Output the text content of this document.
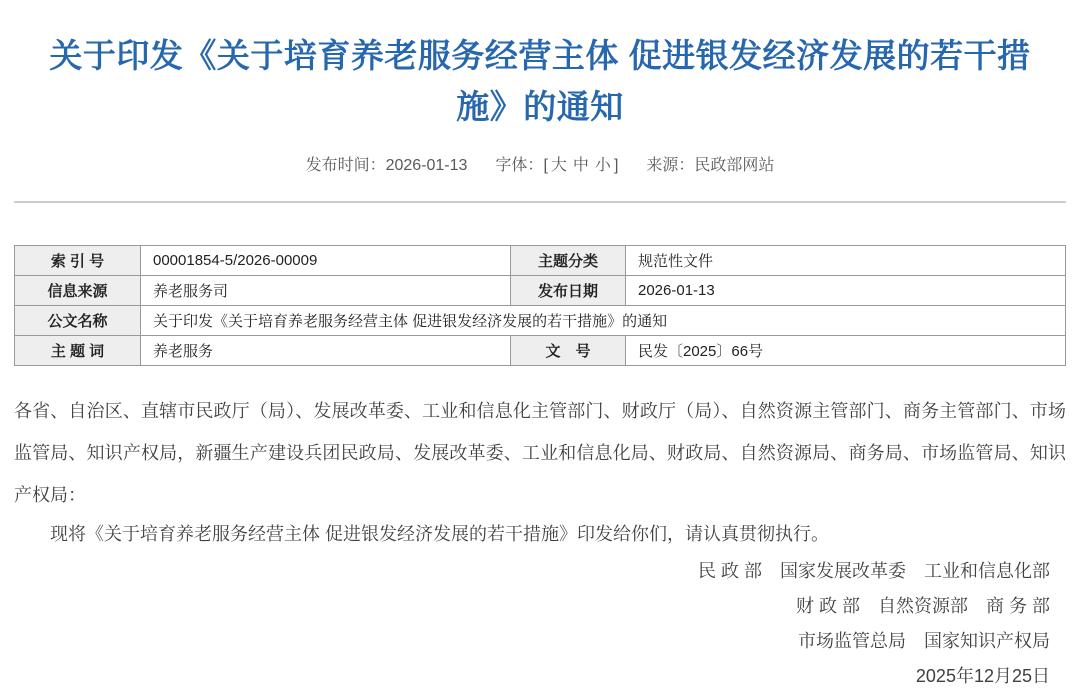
关于印发《关于培育养老服务经营主体 促进银发经济发展的若干措施》的通知
发布时间：2026-01-13 字体：[ 大 中 小 ] 来源：民政部网站
索 引 号	00001854-5/2026-00009	主题分类	规范性文件
信息来源	养老服务司	发布日期	2026-01-13
公文名称	关于印发《关于培育养老服务经营主体 促进银发经济发展的若干措施》的通知		
主 题 词	养老服务	文　号	民发〔2025〕66号

各省、自治区、直辖市民政厅（局）、发展改革委、工业和信息化主管部门、财政厅（局）、自然资源主管部门、商务主管部门、市场监管局、知识产权局，新疆生产建设兵团民政局、发展改革委、工业和信息化局、财政局、自然资源局、商务局、市场监管局、知识产权局：

现将《关于培育养老服务经营主体 促进银发经济发展的若干措施》印发给你们，请认真贯彻执行。

民 政 部　国家发展改革委　工业和信息化部
财 政 部　自然资源部　商 务 部
市场监管总局　国家知识产权局
2025年12月25日
